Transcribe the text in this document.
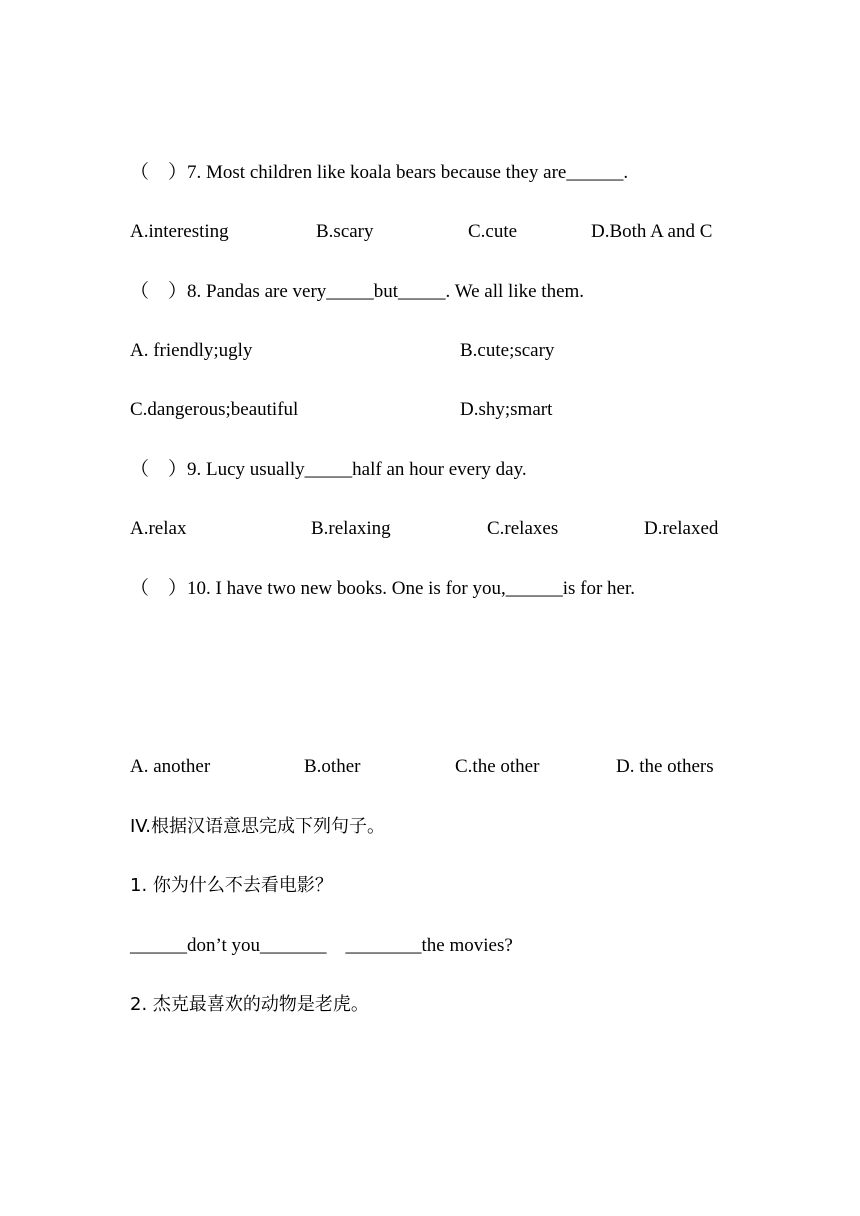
（    ）7. Most children like koala bears because they are______.
A.interesting	B.scary	C.cute	D.Both A and C
（    ）8. Pandas are very_____but_____. We all like them.
A. friendly;ugly	B.cute;scary
C.dangerous;beautiful	D.shy;smart
（    ）9. Lucy usually_____half an hour every day.
A.relax	B.relaxing	C.relaxes	D.relaxed
（    ）10. I have two new books. One is for you,______is for her.
A. another	B.other	C.the other	D. the others
IV.根据汉语意思完成下列句子。
1. 你为什么不去看电影？
______don’t you_______    ________the movies?
2. 杰克最喜欢的动物是老虎。
